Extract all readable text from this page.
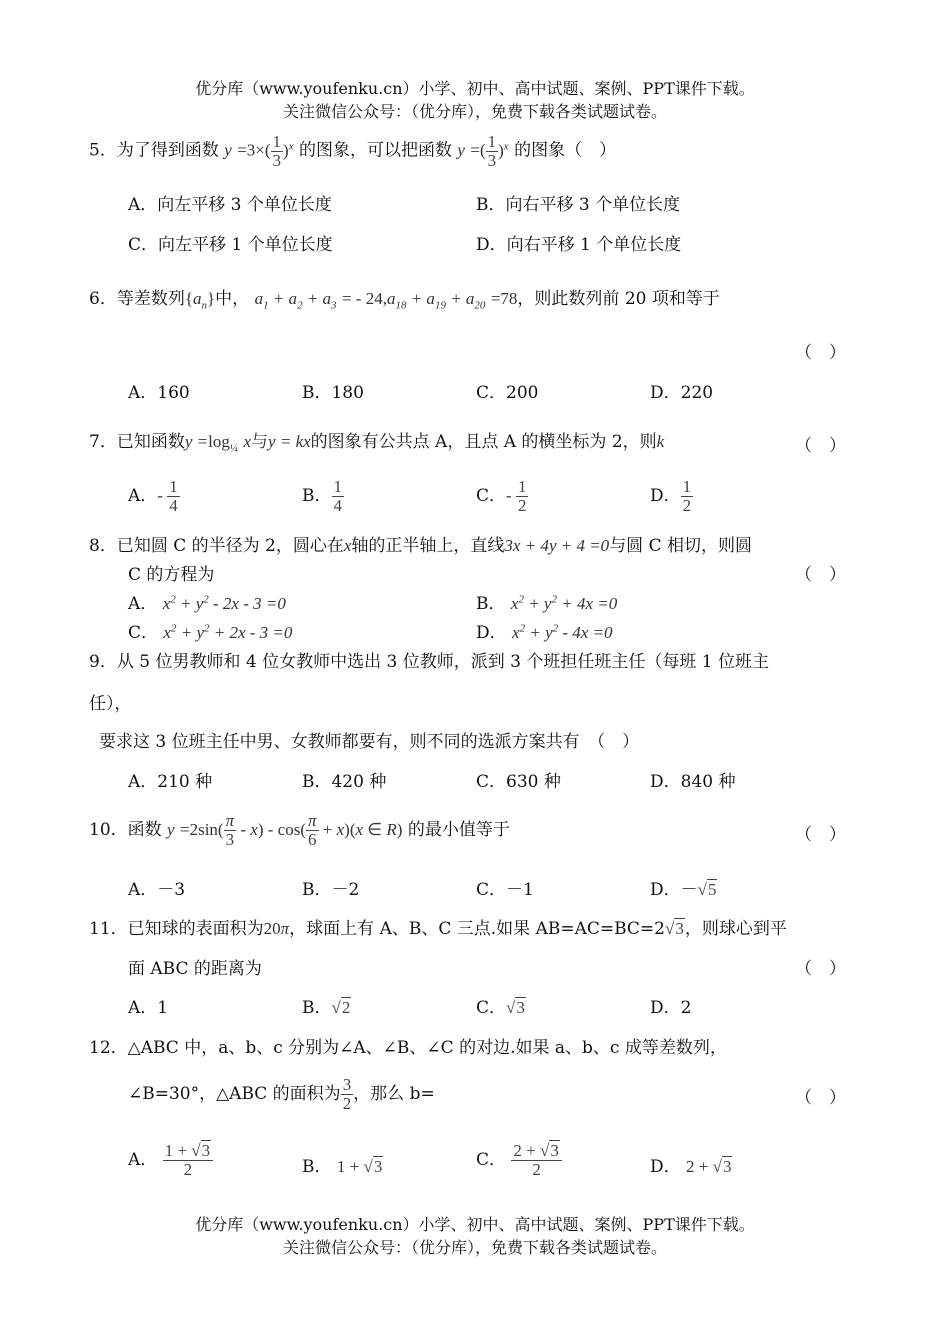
优分库（www.youfenku.cn）小学、初中、高中试题、案例、PPT课件下载。
关注微信公众号：（优分库），免费下载各类试题试卷。
5．为了得到函数 $y =3\times( \frac{1}{3} )^x$ 的图象，可以把函数 y =( $\frac{1}{3} )^x$ 的图象（　）
A．向左平移 3 个单位长度	B．向右平移 3 个单位长度
C．向左平移 1 个单位长度	D．向右平移 1 个单位长度
6．等差数列$\{a_n\}$中， $a_1 + a_2 + a_3$ = - $24,a_{18} + a_{19} + a_{20} =78$，则此数列前 20 项和等于
（　）
A．160	B．180	C．200	D．220
7．已知函数$y =\log_{\frac{1}{4}}$ x与y = kx的图象有公共点 A，且点 A 的横坐标为 2，则k	（　）
A．- $\frac{1}{4}$	B． $\frac{1}{4}$	C．- $\frac{1}{2}$	D． $\frac{1}{2}$
8．已知圆 C 的半径为 2，圆心在x轴的正半轴上，直线3x + 4y + 4 =0与圆 C 相切，则圆
C 的方程为	（　）
A． $x^2 + y^2 - 2x - 3 =0$	B． $x^2 + y^2 + 4x =0$
C． $x^2 + y^2 + 2x - 3 =0$	D． $x^2 + y^2 - 4x =0$
9．从 5 位男教师和 4 位女教师中选出 3 位教师，派到 3 个班担任班主任（每班 1 位班主
任），
要求这 3 位班主任中男、女教师都要有，则不同的选派方案共有　（　）
A．210 种	B．420 种	C．630 种	D．840 种
10．函数 $y =2\sin( \frac{\pi}{3} - x) - \cos( \frac{\pi}{6} + x)(x$ ∈ R) 的最小值等于	（　）
A．－3	B．－2	C．－1	D．－√5
11．已知球的表面积为20π，球面上有 A、B、C 三点.如果 AB=AC=BC=2√3，则球心到平
面 ABC 的距离为	（　）
A．1	B．√2	C．√3	D．2
12．△ABC 中，a、b、c 分别为∠A、∠B、∠C 的对边.如果 a、b、c 成等差数列，
∠B=30°，△ABC 的面积为 $\frac{3}{2}$ ，那么 b=	（　）
A． $\frac{1 + √3}{2}$	B． 1 + √3	C． $\frac{2 + √3}{2}$	D． 2 + √3
优分库（www.youfenku.cn）小学、初中、高中试题、案例、PPT课件下载。
关注微信公众号：（优分库），免费下载各类试题试卷。
